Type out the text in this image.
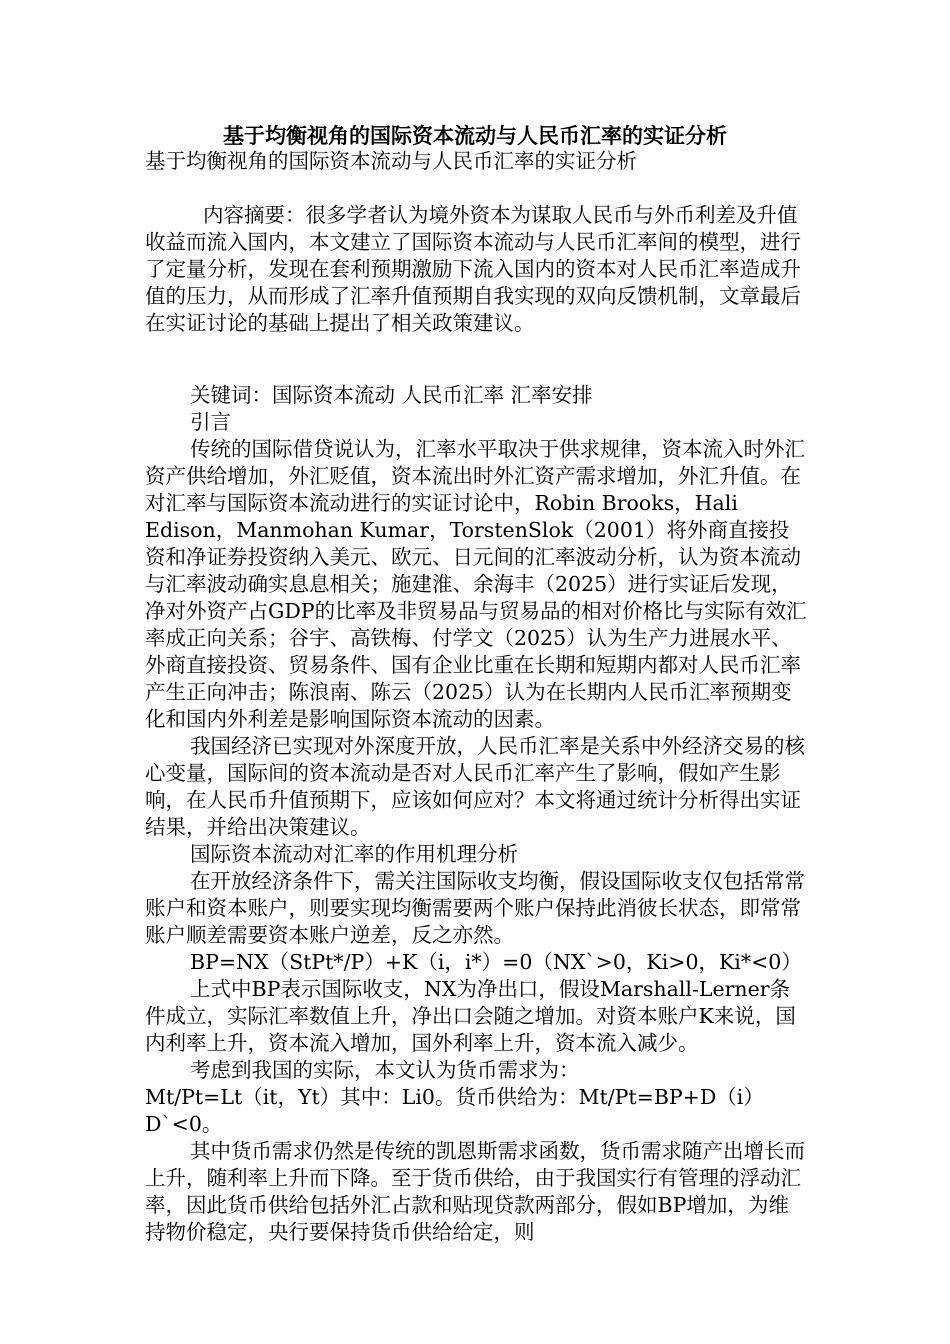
基于均衡视角的国际资本流动与人民币汇率的实证分析

基于均衡视角的国际资本流动与人民币汇率的实证分析

内容摘要：很多学者认为境外资本为谋取人民币与外币利差及升值收益而流入国内，本文建立了国际资本流动与人民币汇率间的模型，进行了定量分析，发现在套利预期激励下流入国内的资本对人民币汇率造成升值的压力，从而形成了汇率升值预期自我实现的双向反馈机制，文章最后在实证讨论的基础上提出了相关政策建议。

关键词：国际资本流动 人民币汇率 汇率安排

引言

传统的国际借贷说认为，汇率水平取决于供求规律，资本流入时外汇资产供给增加，外汇贬值，资本流出时外汇资产需求增加，外汇升值。在对汇率与国际资本流动进行的实证讨论中，Robin Brooks，Hali Edison，Manmohan Kumar，TorstenSlok（2001）将外商直接投资和净证券投资纳入美元、欧元、日元间的汇率波动分析，认为资本流动与汇率波动确实息息相关；施建淮、余海丰（2025）进行实证后发现，净对外资产占GDP的比率及非贸易品与贸易品的相对价格比与实际有效汇率成正向关系；谷宇、高铁梅、付学文（2025）认为生产力进展水平、外商直接投资、贸易条件、国有企业比重在长期和短期内都对人民币汇率产生正向冲击；陈浪南、陈云（2025）认为在长期内人民币汇率预期变化和国内外利差是影响国际资本流动的因素。

我国经济已实现对外深度开放，人民币汇率是关系中外经济交易的核心变量，国际间的资本流动是否对人民币汇率产生了影响，假如产生影响，在人民币升值预期下，应该如何应对？本文将通过统计分析得出实证结果，并给出决策建议。

国际资本流动对汇率的作用机理分析

在开放经济条件下，需关注国际收支均衡，假设国际收支仅包括常常账户和资本账户，则要实现均衡需要两个账户保持此消彼长状态，即常常账户顺差需要资本账户逆差，反之亦然。

BP=NX（StPt*/P）+K（i，i*）=0（NX`>0，Ki>0，Ki*<0）

上式中BP表示国际收支，NX为净出口，假设Marshall-Lerner条件成立，实际汇率数值上升，净出口会随之增加。对资本账户K来说，国内利率上升，资本流入增加，国外利率上升，资本流入减少。

考虑到我国的实际，本文认为货币需求为：

Mt/Pt=Lt（it，Yt）其中：Li0。货币供给为：Mt/Pt=BP+D（i）D`<0。

其中货币需求仍然是传统的凯恩斯需求函数，货币需求随产出增长而上升，随利率上升而下降。至于货币供给，由于我国实行有管理的浮动汇率，因此货币供给包括外汇占款和贴现贷款两部分，假如BP增加，为维持物价稳定，央行要保持货币供给给定，则
